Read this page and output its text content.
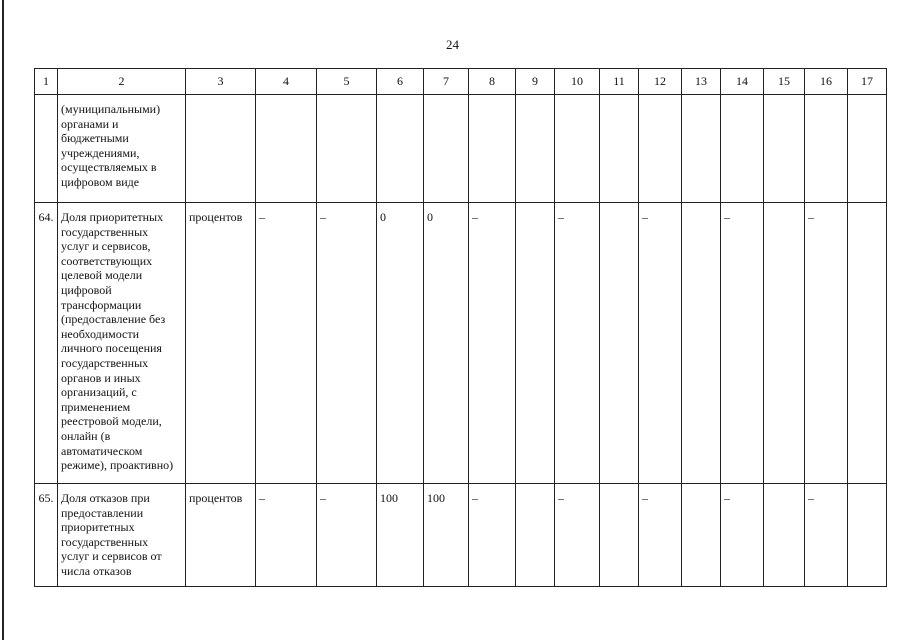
24
1	2	3	4	5	6	7	8	9	10	11	12	13	14	15	16	17

	(муниципальными) органами и бюджетными учреждениями, осуществляемых в цифровом виде															

64.	Доля приоритетных государственных услуг и сервисов, соответствующих целевой модели цифровой трансформации (предоставление без необходимости личного посещения государственных органов и иных организаций, с применением реестровой модели, онлайн (в автоматическом режиме), проактивно)	процентов	–	–	0	0	–		–		–		–		–	
65.	Доля отказов при предоставлении приоритетных государственных услуг и сервисов от числа отказов	процентов	–	–	100	100	–		–		–		–		–	
